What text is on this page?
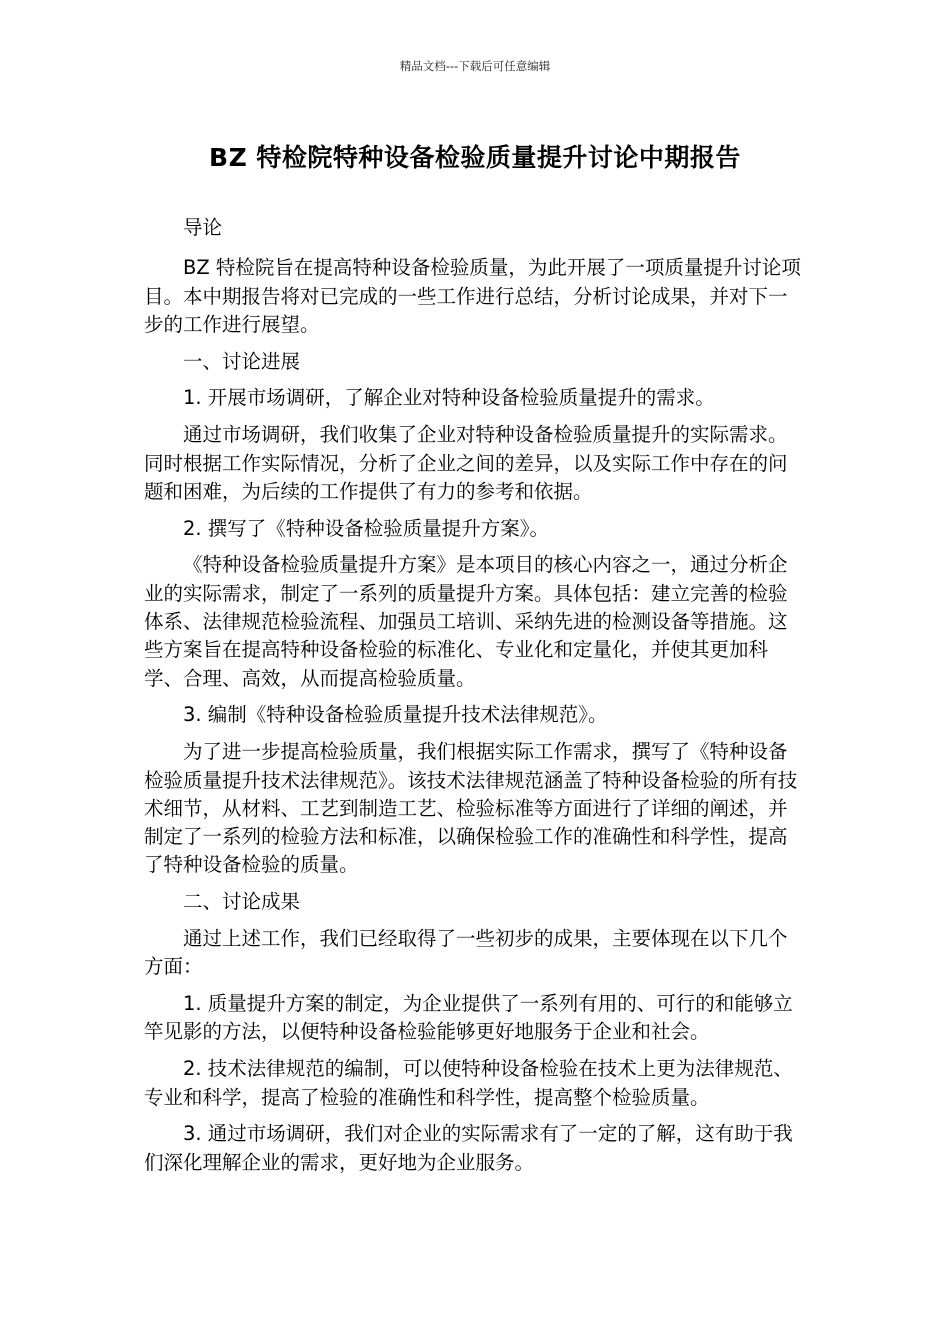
精品文档---下载后可任意编辑
BZ 特检院特种设备检验质量提升讨论中期报告

导论

BZ 特检院旨在提高特种设备检验质量，为此开展了一项质量提升讨论项目。本中期报告将对已完成的一些工作进行总结，分析讨论成果，并对下一步的工作进行展望。

一、讨论进展

1. 开展市场调研，了解企业对特种设备检验质量提升的需求。

通过市场调研，我们收集了企业对特种设备检验质量提升的实际需求。同时根据工作实际情况，分析了企业之间的差异，以及实际工作中存在的问题和困难，为后续的工作提供了有力的参考和依据。

2. 撰写了《特种设备检验质量提升方案》。

《特种设备检验质量提升方案》是本项目的核心内容之一，通过分析企业的实际需求，制定了一系列的质量提升方案。具体包括：建立完善的检验体系、法律规范检验流程、加强员工培训、采纳先进的检测设备等措施。这些方案旨在提高特种设备检验的标准化、专业化和定量化，并使其更加科学、合理、高效，从而提高检验质量。

3. 编制《特种设备检验质量提升技术法律规范》。

为了进一步提高检验质量，我们根据实际工作需求，撰写了《特种设备检验质量提升技术法律规范》。该技术法律规范涵盖了特种设备检验的所有技术细节，从材料、工艺到制造工艺、检验标准等方面进行了详细的阐述，并制定了一系列的检验方法和标准，以确保检验工作的准确性和科学性，提高了特种设备检验的质量。

二、讨论成果

通过上述工作，我们已经取得了一些初步的成果，主要体现在以下几个方面：

1. 质量提升方案的制定，为企业提供了一系列有用的、可行的和能够立竿见影的方法，以便特种设备检验能够更好地服务于企业和社会。

2. 技术法律规范的编制，可以使特种设备检验在技术上更为法律规范、专业和科学，提高了检验的准确性和科学性，提高整个检验质量。

3. 通过市场调研，我们对企业的实际需求有了一定的了解，这有助于我们深化理解企业的需求，更好地为企业服务。
